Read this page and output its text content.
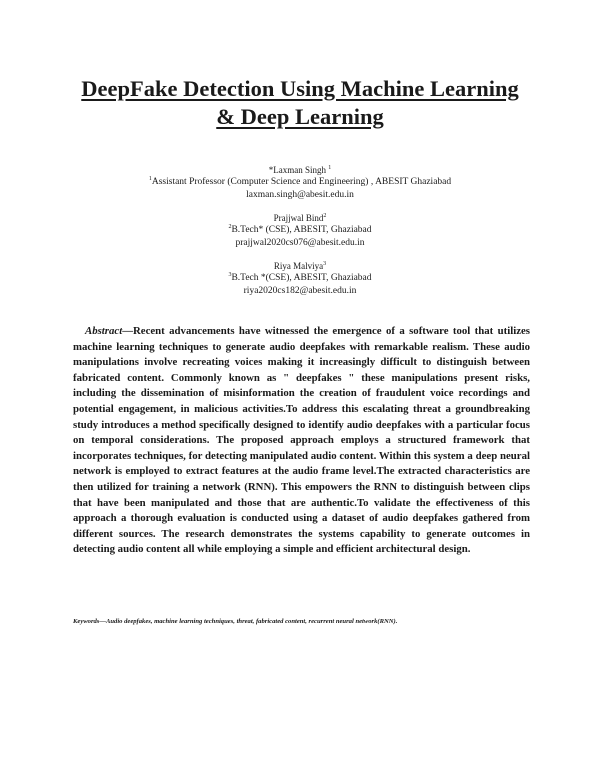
DeepFake Detection Using Machine Learning
& Deep Learning
*Laxman Singh $^1$
$^1$Assistant Professor (Computer Science and Engineering) , ABESIT Ghaziabad
laxman.singh@abesit.edu.in
Prajjwal Bind$^2$
$^2$B.Tech* (CSE), ABESIT, Ghaziabad
prajjwal2020cs076@abesit.edu.in
Riya Malviya$^3$
$^3$B.Tech *(CSE), ABESIT, Ghaziabad
riya2020cs182@abesit.edu.in

Abstract—Recent advancements have witnessed the emergence of a software tool that utilizes machine learning techniques to generate audio deepfakes with remarkable realism. These audio manipulations involve recreating voices making it increasingly difficult to distinguish between fabricated content. Commonly known as " deepfakes " these manipulations present risks, including the dissemination of misinformation the creation of fraudulent voice recordings and potential engagement, in malicious activities.To address this escalating threat a groundbreaking study introduces a method specifically designed to identify audio deepfakes with a particular focus on temporal considerations. The proposed approach employs a structured framework that incorporates techniques, for detecting manipulated audio content. Within this system a deep neural network is employed to extract features at the audio frame level.The extracted characteristics are then utilized for training a network (RNN). This empowers the RNN to distinguish between clips that have been manipulated and those that are authentic.To validate the effectiveness of this approach a thorough evaluation is conducted using a dataset of audio deepfakes gathered from different sources. The research demonstrates the systems capability to generate outcomes in detecting audio content all while employing a simple and efficient architectural design.

Keywords—Audio deepfakes, machine learning techniques, threat, fabricated content, recurrent neural network(RNN).
